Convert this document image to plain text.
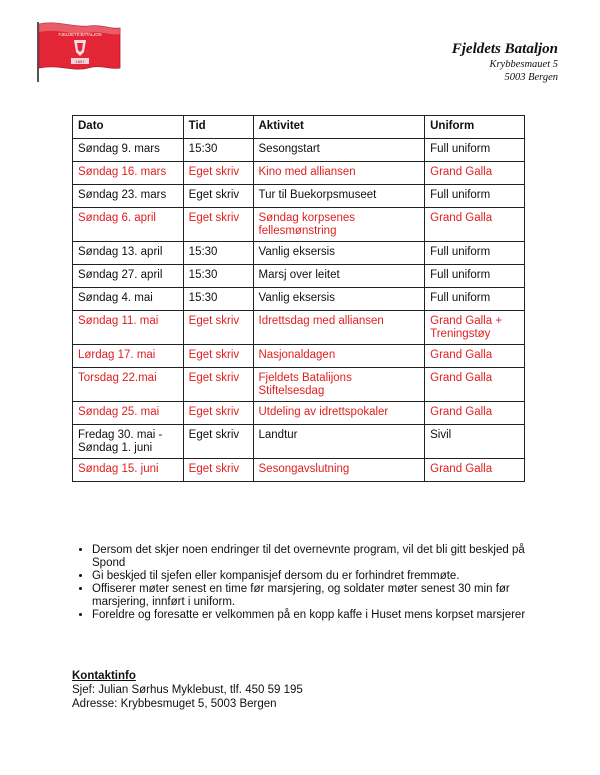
FJELDETS BATALJON
1897
Fjeldets Bataljon
Krybbesmauet 5
5003 Bergen
Dato	Tid	Aktivitet	Uniform
Søndag 9. mars	15:30	Sesongstart	Full uniform
Søndag 16. mars	Eget skriv	Kino med alliansen	Grand Galla
Søndag 23. mars	Eget skriv	Tur til Buekorpsmuseet	Full uniform
Søndag 6. april	Eget skriv	Søndag korpsenes fellesmønstring	Grand Galla
Søndag 13. april	15:30	Vanlig eksersis	Full uniform
Søndag 27. april	15:30	Marsj over leitet	Full uniform
Søndag 4. mai	15:30	Vanlig eksersis	Full uniform
Søndag 11. mai	Eget skriv	Idrettsdag med alliansen	Grand Galla + Treningstøy
Lørdag 17. mai	Eget skriv	Nasjonaldagen	Grand Galla
Torsdag 22.mai	Eget skriv	Fjeldets Batalijons Stiftelsesdag	Grand Galla
Søndag 25. mai	Eget skriv	Utdeling av idrettspokaler	Grand Galla
Fredag 30. mai - Søndag 1. juni	Eget skriv	Landtur	Sivil
Søndag 15. juni	Eget skriv	Sesongavslutning	Grand Galla
• Dersom det skjer noen endringer til det overnevnte program, vil det bli gitt beskjed på Spond
• Gi beskjed til sjefen eller kompanisjef dersom du er forhindret fremmøte.
• Offiserer møter senest en time før marsjering, og soldater møter senest 30 min før marsjering, innført i uniform.
• Foreldre og foresatte er velkommen på en kopp kaffe i Huset mens korpset marsjerer
Kontaktinfo
Sjef: Julian Sørhus Myklebust, tlf. 450 59 195
Adresse: Krybbesmuget 5, 5003 Bergen
